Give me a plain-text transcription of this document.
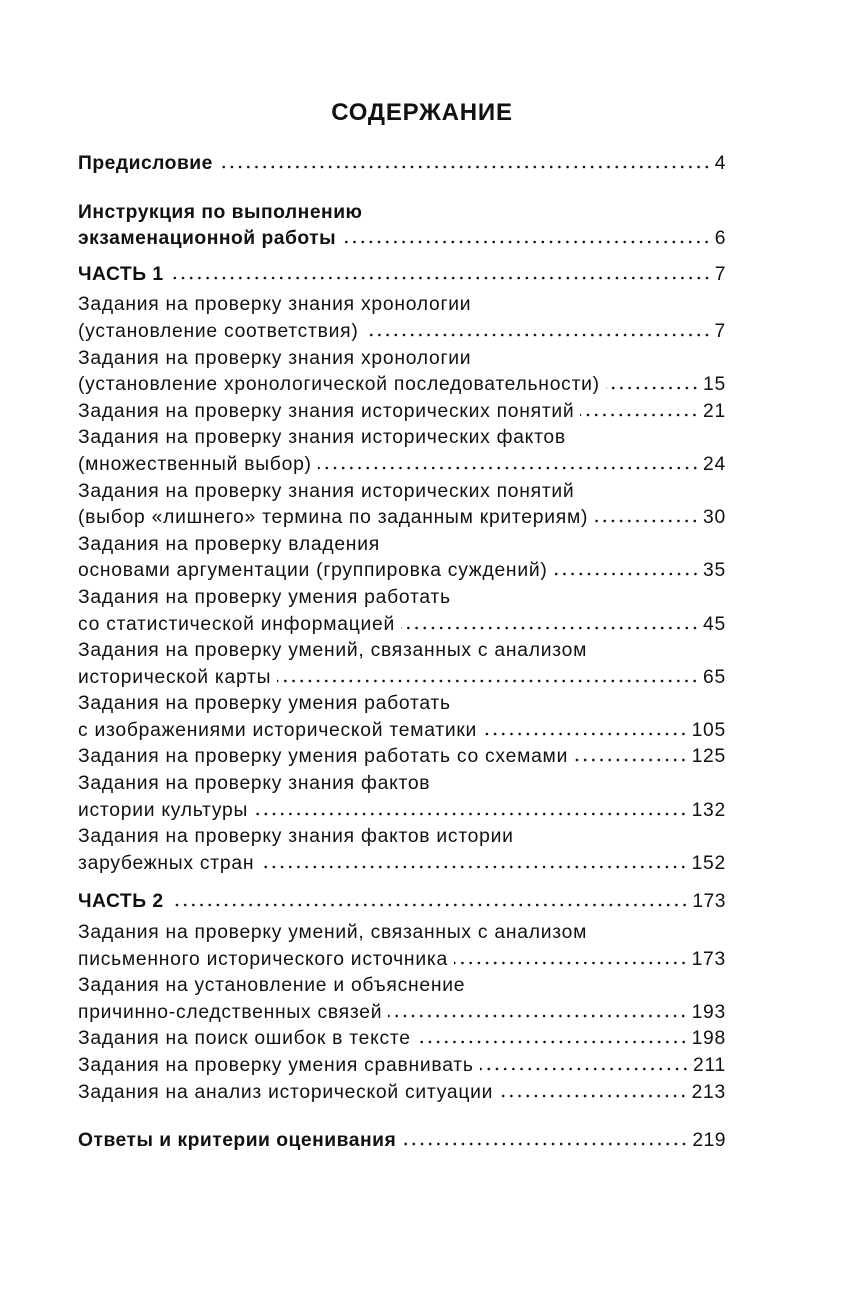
СОДЕРЖАНИЕ
Предисловие	4
Инструкция по выполнению
экзаменационной работы	6
ЧАСТЬ 1	7
Задания на проверку знания хронологии
(установление соответствия)	7
Задания на проверку знания хронологии
(установление хронологической последовательности)	15
Задания на проверку знания исторических понятий	21
Задания на проверку знания исторических фактов
(множественный выбор)	24
Задания на проверку знания исторических понятий
(выбор «лишнего» термина по заданным критериям)	30
Задания на проверку владения
основами аргументации (группировка суждений)	35
Задания на проверку умения работать
со статистической информацией	45
Задания на проверку умений, связанных с анализом
исторической карты	65
Задания на проверку умения работать
с изображениями исторической тематики	105
Задания на проверку умения работать со схемами	125
Задания на проверку знания фактов
истории культуры	132
Задания на проверку знания фактов истории
зарубежных стран	152
ЧАСТЬ 2	173
Задания на проверку умений, связанных с анализом
письменного исторического источника	173
Задания на установление и объяснение
причинно-следственных связей	193
Задания на поиск ошибок в тексте	198
Задания на проверку умения сравнивать	211
Задания на анализ исторической ситуации	213
Ответы и критерии оценивания	219
